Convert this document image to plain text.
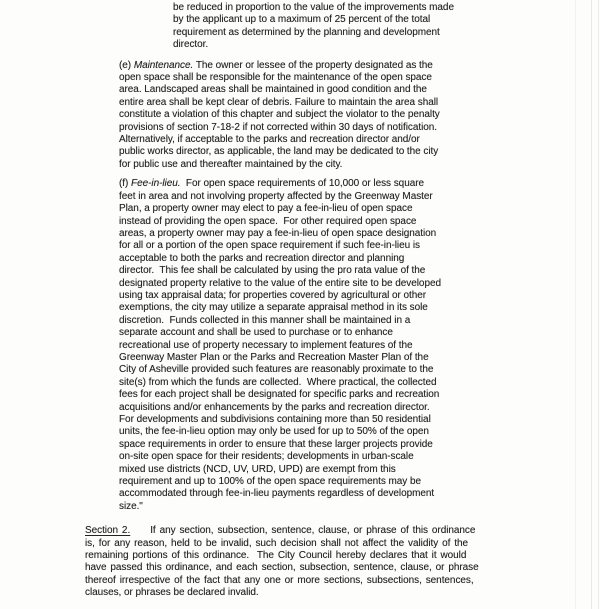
be reduced in proportion to the value of the improvements made
by the applicant up to a maximum of 25 percent of the total
requirement as determined by the planning and development
director.
(e) Maintenance. The owner or lessee of the property designated as the
open space shall be responsible for the maintenance of the open space
area. Landscaped areas shall be maintained in good condition and the
entire area shall be kept clear of debris. Failure to maintain the area shall
constitute a violation of this chapter and subject the violator to the penalty
provisions of section 7-18-2 if not corrected within 30 days of notification.
Alternatively, if acceptable to the parks and recreation director and/or
public works director, as applicable, the land may be dedicated to the city
for public use and thereafter maintained by the city.
(f) Fee-in-lieu.  For open space requirements of 10,000 or less square
feet in area and not involving property affected by the Greenway Master
Plan, a property owner may elect to pay a fee-in-lieu of open space
instead of providing the open space.  For other required open space
areas, a property owner may pay a fee-in-lieu of open space designation
for all or a portion of the open space requirement if such fee-in-lieu is
acceptable to both the parks and recreation director and planning
director.  This fee shall be calculated by using the pro rata value of the
designated property relative to the value of the entire site to be developed
using tax appraisal data; for properties covered by agricultural or other
exemptions, the city may utilize a separate appraisal method in its sole
discretion.  Funds collected in this manner shall be maintained in a
separate account and shall be used to purchase or to enhance
recreational use of property necessary to implement features of the
Greenway Master Plan or the Parks and Recreation Master Plan of the
City of Asheville provided such features are reasonably proximate to the
site(s) from which the funds are collected.  Where practical, the collected
fees for each project shall be designated for specific parks and recreation
acquisitions and/or enhancements by the parks and recreation director.
For developments and subdivisions containing more than 50 residential
units, the fee-in-lieu option may only be used for up to 50% of the open
space requirements in order to ensure that these larger projects provide
on-site open space for their residents; developments in urban-scale
mixed use districts (NCD, UV, URD, UPD) are exempt from this
requirement and up to 100% of the open space requirements may be
accommodated through fee-in-lieu payments regardless of development
size."
Section 2. If any section, subsection, sentence, clause, or phrase of this ordinance
is, for any reason, held to be invalid, such decision shall not affect the validity of the
remaining portions of this ordinance.  The City Council hereby declares that it would
have passed this ordinance, and each section, subsection, sentence, clause, or phrase
thereof irrespective of the fact that any one or more sections, subsections, sentences,
clauses, or phrases be declared invalid.
